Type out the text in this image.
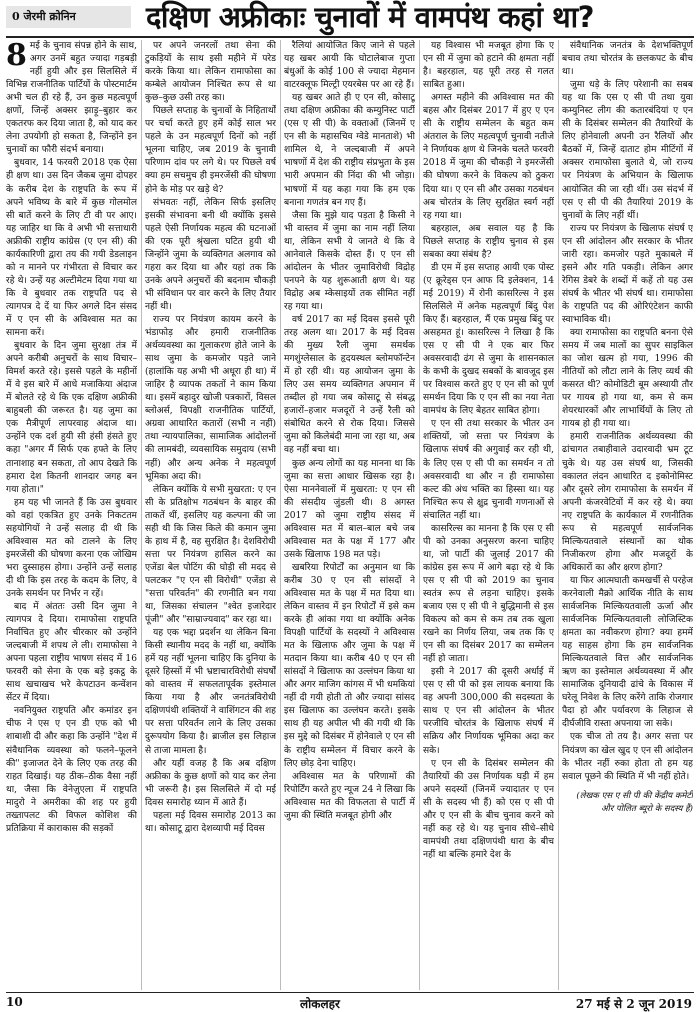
0 जेरमी क्रोनिन	दक्षिण अफ्रीकाः चुनावों में वामपंथ कहां था?
8 मई के चुनाव संपन्न होने के साथ, अगर उनमें बहुत ज्यादा गड़बड़ी नहीं हुयी और इस सिलसिले में विभिन्न राजनीतिक पार्टियों के पोस्टमार्टम अभी चल ही रहे हैं, उन कुछ महत्वपूर्ण क्षणों, जिन्हें अक्सर झाड़ू–बुहार कर एकतरफ कर दिया जाता है, को याद कर लेना उपयोगी हो सकता है, जिन्होंने इन चुनावों का फौरी संदर्भ बनाया।

बुधवार, 14 फरवरी 2018 एक ऐसा ही क्षण था। उस दिन जैकब जुमा दोपहर के करीब देश के राष्ट्रपति के रूप में अपने भविष्य के बारे में कुछ गोलमोल सी बातें करने के लिए टी वी पर आए। यह जाहिर था कि वे अभी भी सत्ताधारी अफ्रीकी राष्ट्रीय कांग्रेस (ए एन सी) की कार्यकारिणी द्वारा तय की गयी डेडलाइन को न मानने पर गंभीरता से विचार कर रहे थे। उन्हें यह अल्टीमेटम दिया गया था कि वे बुधवार तक राष्ट्रपति पद से त्यागपत्र दे दें या फिर अगले दिन संसद में ए एन सी के अविश्वास मत का सामना करें।

बुधवार के दिन जुमा सुरक्षा तंत्र में अपने करीबी अनुचरों के साथ विचार–विमर्श करते रहे। इससे पहले के महीनों में वे इस बारे में आधे मजाकिया अंदाज में बोलते रहे थे कि एक दक्षिण अफ्रीकी बाहुबली की जरूरत है। यह जुमा का एक मैत्रीपूर्ण लापरवाह अंदाज था। उन्होंने एक दर्श हुयी सी हंसी हंसते हुए कहा "अगर मैं सिर्फ एक हफ्ते के लिए तानाशाह बन सकता, तो आप देखते कि हमारा देश कितनी शानदार जगह बन गया होता।"

हम यह भी जानते हैं कि उस बुधवार को वहां एकत्रित हुए उनके निकटतम सहयोगियों ने उन्हें सलाह दी थी कि अविश्वास मत को टालने के लिए इमरजेंसी की घोषणा करना एक जोखिम भरा दुस्साहस होगा। उन्होंने उन्हें सलाह दी थी कि इस तरह के कदम के लिए, वे उनके समर्थन पर निर्भर न रहें।

बाद में अंततः उसी दिन जुमा ने त्यागपत्र दे दिया। रामाफोसा राष्ट्रपति निर्वाचित हुए और चीरकार को उन्होंने जल्दबाजी में शपथ ले ली। रामाफोसा ने अपना पहला राष्ट्रीय भाषण संसद में 16 फरवरी को सेना के एक बड़े इकट्ठ के साथ खचाखच भरे केपटाउन कन्वेंशन सेंटर में दिया।

नवनियुक्त राष्ट्रपति और कमांडर इन चीफ ने एस ए एन डी एफ को भी शाबाशी दी और कहा कि उन्होंने "देश में संवैधानिक व्यवस्था को फलने–फूलने की" इजाजत देने के लिए एक तरह की राहत दिखाई। यह ठीक–ठीक वैसा नहीं था, जैसा कि वेनेज़ुएला में राष्ट्रपति मादुरो ने अमरीका की शह पर हुयी तख्तापलट की विफल कोशिश की प्रतिक्रिया में काराकास की सड़कों

पर अपने जनरलों तथा सेना की टुकड़ियों के साथ इसी महीने में परेड करके किया था। लेकिन रामाफोसा का कम्बेले आयोजन निश्चित रूप से था कुछ–कुछ उसी तरह का।

पिछले सप्ताह के चुनावों के निहितार्थों पर चर्चा करते हुए हमें कोई साल भर पहले के उन महत्वपूर्ण दिनों को नहीं भूलना चाहिए, जब 2019 के चुनावी परिणाम दांव पर लगे थे। पर पिछले वर्ष क्या हम सचमुच ही इमरजेंसी की घोषणा होने के मोड़ पर खड़े थे?

संभवतः नहीं, लेकिन सिर्फ इसलिए इसकी संभावना बनी थी क्योंकि इससे पहले ऐसी निर्णायक महत्व की घटनाओं की एक पूरी श्रृंखला घटित हुयी थी जिन्होंने जुमा के व्यक्तिगत अलगाव को गहरा कर दिया था और यहां तक कि उनके अपने अनुचरों की बदनाम चौकड़ी भी संविधान पर वार करने के लिए तैयार नहीं थी।

राज्य पर नियंत्रण कायम करने के भंडाफोड़ और हमारी राजनीतिक अर्थव्यवस्था का गुलाकरण होते जाने के साथ जुमा के कमजोर पड़ते जाने (हालांकि यह अभी भी अधूरा ही था) में जाहिर है व्यापक तकतों ने काम किया था। इसमें बहादुर खोजी पत्रकारों, विसल ब्लोअर्स, विपक्षी राजनीतिक पार्टियों, अग्रवा आधारित कतारों (सभी न नहीं) तथा न्यायपालिका, सामाजिक आंदोलनों की लामबंदी, व्यवसायिक समुदाय (सभी नहीं) और अन्य अनेक ने महत्वपूर्ण भूमिका अदा की।

लेकिन क्योंकि ये सभी मुखरता: ए एन सी के प्रतिक्षोभ गठबंधन के बाहर की ताकतें थीं, इसलिए यह कल्पना की जा सही थी कि जिस किले की कमान जुमा के हाथ में है, वह सुरक्षित है। देशविरोधी सत्ता पर नियंत्रण हासिल करने का एजेंडा बेल पोटिंग की घोड़ी सी मदद से पलटकर "ए एन सी विरोधी" एजेंडा से "सत्ता परिवर्तन" की रणनीति बन गया था, जिसका संचालन "श्वेत इजारेदार पूंजी" और "साम्राज्यवाद" कर रहा था।

यह एक भद्दा प्रदर्शन था लेकिन बिना किसी स्थानीय मदद के नहीं था, क्योंकि हमें यह नहीं भूलना चाहिए कि दुनिया के दूसरे हिस्सों में भी भ्रष्टाचारविरोधी संघर्षों को वास्तव में सफलतापूर्वक इस्तेमाल किया गया है और जनतंत्रविरोधी दक्षिणपंथी शक्तियों ने वाशिंगटन की शह पर सत्ता परिवर्तन लाने के लिए उसका दुरूपयोग किया है। ब्राजील इस लिहाज से ताजा मामला है।

और यहीं वजह है कि अब दक्षिण अफ्रीका के कुछ क्षणों को याद कर लेना भी जरूरी है। इस सिलसिले में दो मई दिवस समारोह ध्यान में आते हैं।

पहला मई दिवस समारोह 2013 का था। कोसाटू द्वारा देशव्यापी मई दिवस

रैलियां आयोजित किए जाने से पहले यह खबर आयी कि घोटालेबाज गुप्ता बंधुओं के कोई 100 से ज्यादा मेहमान वाटरक्लूफ मिल्ट्री एयरबेस पर आ रहे हैं।

यह खबर आते ही ए एन सी, कोसाटू तथा दक्षिण अफ्रीका की कम्युनिस्ट पार्टी (एस ए सी पी) के वक्ताओं (जिनमें ए एन सी के महासचिव ग्वेडे मानताशे) भी शामिल थे, ने जल्दबाजी में अपने भाषणों में देश की राष्ट्रीय संप्रभुता के इस भारी अपमान की निंदा की भी जोड़ा। भाषणों में यह कहा गया कि हम एक बनाना गणतंत्र बन गए हैं।

जैसा कि मुझे याद पड़ता है किसी ने भी वास्तव में जुमा का नाम नहीं लिया था, लेकिन सभी ये जानते थे कि वे आनेवाले किसके दोस्त हैं। ए एन सी आंदोलन के भीतर जुमाविरोधी विद्रोह पनपने के यह शुरूआती क्षण थे। यह विद्रोह अब म्केसाइयों तक सीमित नहीं रह गया था।

वर्ष 2017 का मई दिवस इससे पूरी तरह अलग था। 2017 के मई दिवस की मुख्य रैली जुमा समर्थक मगशुंग्लेसाल के हृदयस्थल ब्लोमफॉन्टेन में हो रही थी। यह आयोजन जुमा के लिए उस समय व्यक्तिगत अपमान में तब्दील हो गया जब कोसाटू से संबद्ध हजारों–हजार मजदूरों ने उन्हें रैली को संबोधित करने से रोक दिया। जिससे जुमा को किलेबंदी माना जा रहा था, अब वह नहीं बचा था।

कुछ अन्य लोगों का यह मानना था कि जुमा का सत्ता आधार खिसक रहा है। ऐसा माननेवालों में मुखरता: ए एन सी की संसदीय जुंडली थी। 8 अगस्त 2017 को जुमा राष्ट्रीय संसद में अविश्वास मत में बाल–बाल बचे जब अविश्वास मत के पक्ष में 177 और उसके खिलाफ 198 मत पड़े।

खबरिया रिपोर्टों का अनुमान था कि करीब 30 ए एन सी सांसदों ने अविश्वास मत के पक्ष में मत दिया था। लेकिन वास्तव में इन रिपोर्टों में इसे कम करके ही आंका गया था क्योंकि अनेक विपक्षी पार्टियों के सदस्यों ने अविश्वास मत के खिलाफ और जुमा के पक्ष में मतदान किया था। करीब 40 ए एन सी सांसदों ने खिलाफ का उल्लंघन किया था और अगर माजिग कांगस में भी धमकियां नहीं दी गयी होती तो और ज्यादा सांसद इस खिलाफ का उल्लंघन करते। इसके साथ ही यह अपील भी की गयी थी कि इस मुद्दे को दिसंबर में होनेवाले ए एन सी के राष्ट्रीय सम्मेलन में विचार करने के लिए छोड़ देना चाहिए।

अविश्वास मत के परिणामों की रिपोर्टिंग करते हुए न्यूज 24 ने लिखा कि अविश्वास मत की विफलता से पार्टी में जुमा की स्थिति मजबूत होगी और

यह विश्वास भी मजबूत होगा कि ए एन सी में जुमा को हटाने की क्षमता नहीं है। बहरहाल, यह पूरी तरह से गलत साबित हुआ।

अगस्त महीने की अविश्वास मत की बहस और दिसंबर 2017 में हुए ए एन सी के राष्ट्रीय सम्मेलन के बहुत कम अंतराल के लिए महत्वपूर्ण चुनावी नतीजे ने निर्णायक क्षण थे जिनके चलते फरवरी 2018 में जुमा की चौकड़ी ने इमरजेंसी की घोषणा करने के विकल्प को ठुकरा दिया था। ए एन सी और उसका गठबंधन अब चोरतंत्र के लिए सुरक्षित स्वर्ग नहीं रह गया था।

बहरहाल, अब सवाल यह है कि पिछले सप्ताह के राष्ट्रीय चुनाव से इस सबका क्या संबंध है?

डी एम में इस सप्ताह आयी एक पोस्ट (ए क्रूरेड्स एन आफ दि इलेक्शन, 14 मई 2019) में रोनी कासरिल्स ने इस सिलसिले में अनेक महत्वपूर्ण बिंदु पेश किए हैं। बहरहाल, मैं एक प्रमुख बिंदु पर असहमत हूं। कासरिल्स ने लिखा है कि एस ए सी पी ने एक बार फिर अवसरवादी ढंग से जुमा के शासनकाल के कभी के दुखद सबकों के बावजूद इस पर विश्वास करते हुए ए एन सी को पूर्ण समर्थन दिया कि ए एन सी का नया नेता वामपंथ के लिए बेहतर साबित होगा।

ए एन सी तथा सरकार के भीतर उन शक्तियों, जो सत्ता पर नियंत्रण के खिलाफ संघर्ष की अगुवाई कर रही थी, के लिए एस ए सी पी का समर्थन न तो अवसरवादी था और न ही रामाफोसा कल्ट की अंध भक्ति का हिस्सा था। यह निश्चित रूप से क्षुद्र चुनावी गणनाओं से संचालित नहीं था।

कासरिल्स का मानना है कि एस ए सी पी को उनका अनुसरण करना चाहिए था, जो पार्टी की जुलाई 2017 की कांग्रेस इस रूप में आगे बढ़ा रहे थे कि एस ए सी पी को 2019 का चुनाव स्वतंत्र रूप से लड़ना चाहिए। इसके बजाय एस ए सी पी ने बुद्धिमानी से इस विकल्प को कम से कम तब तक खुला रखने का निर्णय लिया, जब तक कि ए एन सी का दिसंबर 2017 का सम्मेलन नहीं हो जाता।

इसी ने 2017 की दूसरी अर्धाई में एस ए सी पी को इस लायक बनाया कि वह अपनी 300,000 की सदस्यता के साथ ए एन सी आंदोलन के भीतर परजीवि चोरतंत्र के खिलाफ संघर्ष में सक्रिय और निर्णायक भूमिका अदा कर सके।

ए एन सी के दिसंबर सम्मेलन की तैयारियों की उस निर्णायक घड़ी में हम अपने सदस्यों (जिनमें ज्यादातर ए एन सी के सदस्य भी हैं) को एस ए सी पी और ए एन सी के बीच चुनाव करने को नहीं कह रहे थे। यह चुनाव सीधे–सीधे वामपंथी तथा दक्षिणपंथी धारा के बीच नहीं था बल्कि हमारे देश के

संवैधानिक जनतंत्र के देशभक्तिपूर्ण बचाव तथा चोरतंत्र के छलकपट के बीच था।

जुमा धड़े के लिए परेशानी का सबब यह था कि एस ए सी पी तथा युवा कम्युनिस्ट लीग की कतारबंदियां ए एन सी के दिसंबर सम्मेलन की तैयारियों के लिए होनेवाली अपनी उन रैलियों और बैठकों में, जिन्हें दाताट होम मीटिंगों में अक्सर रामाफोसा बुलाते थे, जो राज्य पर नियंत्रण के अभियान के खिलाफ आयोजित की जा रही थीं। उस संदर्भ में एस ए सी पी की तैयारियां 2019 के चुनावों के लिए नहीं थीं।

राज्य पर नियंत्रण के खिलाफ संघर्ष ए एन सी आंदोलन और सरकार के भीतर जारी रहा। कमजोर पड़ते मुकाबले में इसने और गति पकड़ी। लेकिन अगर रेगिस डेबरे के शब्दों में कहें तो यह उस संघर्ष के भीतर भी संघर्ष था। रामाफोसा के राष्ट्रपति पद की ओरिएंटेशन काफी स्वाभाविक थी।

क्या रामाफोसा का राष्ट्रपति बनना ऐसे समय में जब मालों का सुपर साइकिल का जोश खत्म हो गया, 1996 की नीतियों को लौटा लाने के लिए व्यर्थ की कसरत थी? कोमोडिटी बूम अस्थायी तौर पर गायब हो गया था, कम से कम शेयरधारकों और लाभार्थियों के लिए तो गायब हो ही गया था।

हमारी राजनीतिक अर्थव्यवस्था की ढांचागत तबाहीवाले उदारवादी भ्रम टूट चुके थे। यह उस संघर्ष था, जिसकी वकालत लंदन आधारित द इकोनोमिस्ट और दूसरे लोग रामाफोसा के समर्थन में अपनी कंजरवेटिवों में कर रहे थे। क्या नए राष्ट्रपति के कार्यकाल में रणनीतिक रूप से महत्वपूर्ण सार्वजनिक मिल्कियतवाले संस्थानों का थोक निजीकरण होगा और मजदूरों के अधिकारों का और क्षरण होगा?

या फिर आत्मघाती कमखर्ची से परहेज करनेवाली मैक्रो आर्थिक नीति के साथ सार्वजनिक मिल्कियतवाली ऊर्जा और सार्वजनिक मिल्कियतवाली लोजिस्टिक क्षमता का नवीकरण होगा? क्या हममें यह साहस होगा कि हम सार्वजनिक मिल्कियतवाले वित्त और सार्वजनिक ऋण का इस्तेमाल अर्थव्यवस्था में और सामाजिक दुनियादी ढांचे के विकास में घरेलू निवेश के लिए करेंगे ताकि रोजगार पैदा हो और पर्यावरण के लिहाज से दीर्घजीवि रास्ता अपनाया जा सके।

एक चीज तो तय है। अगर सत्ता पर नियंत्रण का खेल खुद ए एन सी आंदोलन के भीतर नहीं रुका होता तो हम यह सवाल पूछने की स्थिति में भी नहीं होते।

(लेखक एस ए सी पी की केंद्रीय कमेटी और पोलित ब्यूरो के सदस्य हैं)
10	लोकलहर	27 मई से 2 जून 2019
